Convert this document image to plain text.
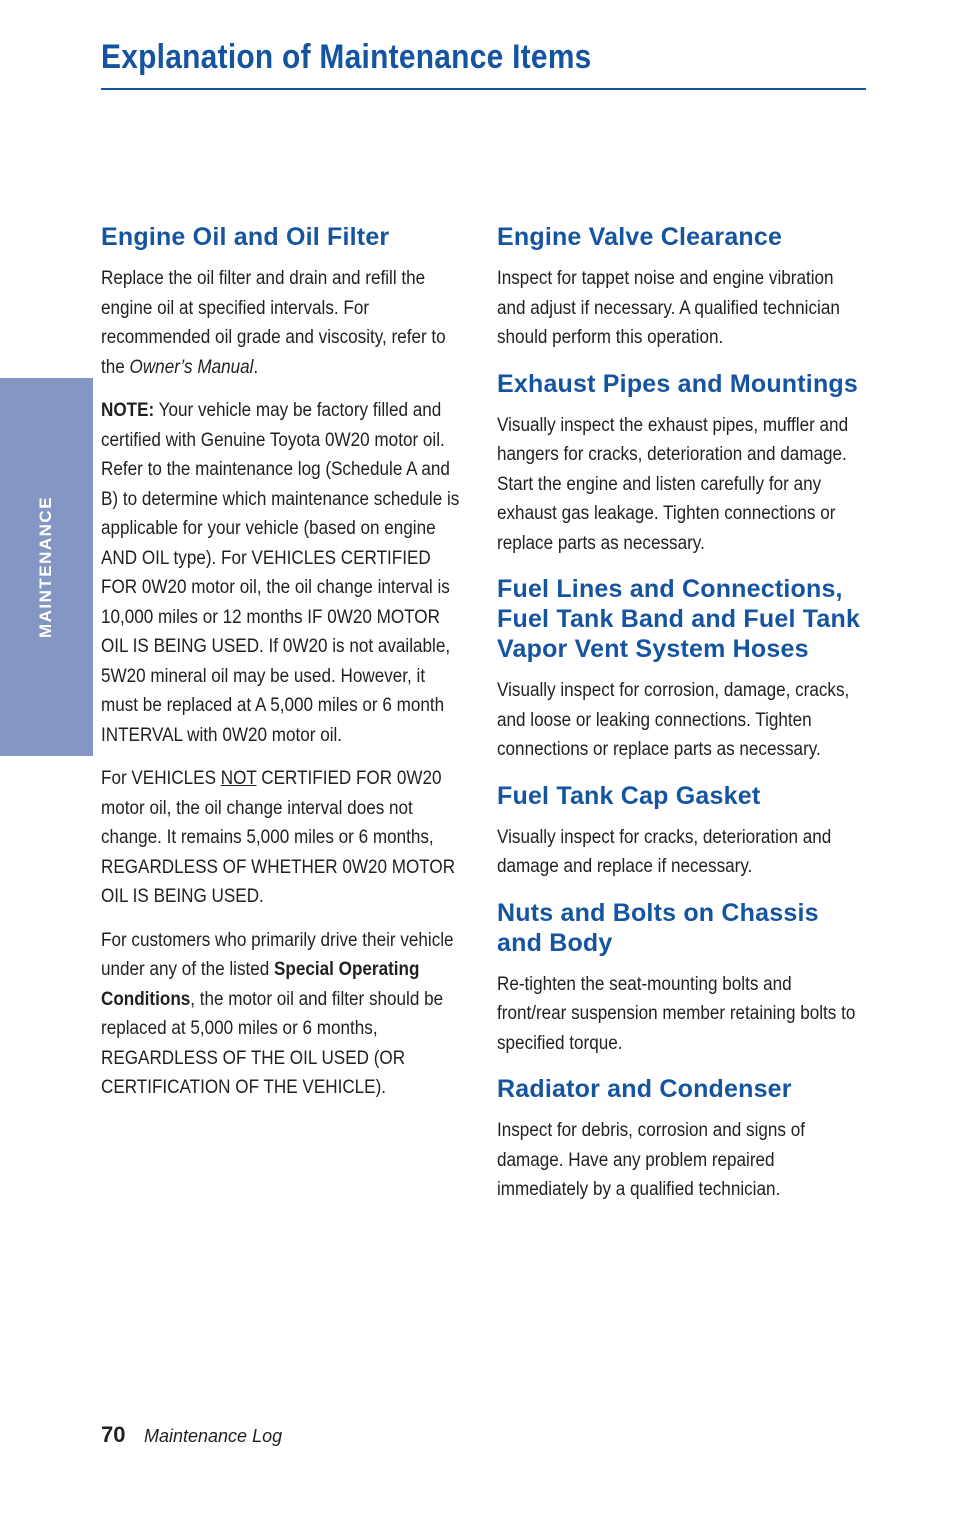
Explanation of Maintenance Items
MAINTENANCE
Engine Oil and Oil Filter

Replace the oil filter and drain and refill the engine oil at specified intervals. For recommended oil grade and viscosity, refer to the Owner’s Manual.

NOTE: Your vehicle may be factory filled and certified with Genuine Toyota 0W20 motor oil. Refer to the maintenance log (Schedule A and B) to determine which maintenance schedule is applicable for your vehicle (based on engine AND OIL type). For VEHICLES CERTIFIED FOR 0W20 motor oil, the oil change interval is 10,000 miles or 12 months IF 0W20 MOTOR OIL IS BEING USED. If 0W20 is not available, 5W20 mineral oil may be used. However, it must be replaced at A 5,000 miles or 6 month INTERVAL with 0W20 motor oil.

For VEHICLES NOT CERTIFIED FOR 0W20 motor oil, the oil change interval does not change. It remains 5,000 miles or 6 months, REGARDLESS OF WHETHER 0W20 MOTOR OIL IS BEING USED.

For customers who primarily drive their vehicle under any of the listed Special Operating Conditions, the motor oil and filter should be replaced at 5,000 miles or 6 months, REGARDLESS OF THE OIL USED (OR CERTIFICATION OF THE VEHICLE).

Engine Valve Clearance

Inspect for tappet noise and engine vibration and adjust if necessary. A qualified technician should perform this operation.

Exhaust Pipes and Mountings

Visually inspect the exhaust pipes, muffler and hangers for cracks, deterioration and damage. Start the engine and listen carefully for any exhaust gas leakage. Tighten connections or replace parts as necessary.

Fuel Lines and Connections, Fuel Tank Band and Fuel Tank Vapor Vent System Hoses

Visually inspect for corrosion, damage, cracks, and loose or leaking connections. Tighten connections or replace parts as necessary.

Fuel Tank Cap Gasket

Visually inspect for cracks, deterioration and damage and replace if necessary.

Nuts and Bolts on Chassis and Body

Re-tighten the seat-mounting bolts and front/rear suspension member retaining bolts to specified torque.

Radiator and Condenser

Inspect for debris, corrosion and signs of damage. Have any problem repaired immediately by a qualified technician.

70 Maintenance Log
